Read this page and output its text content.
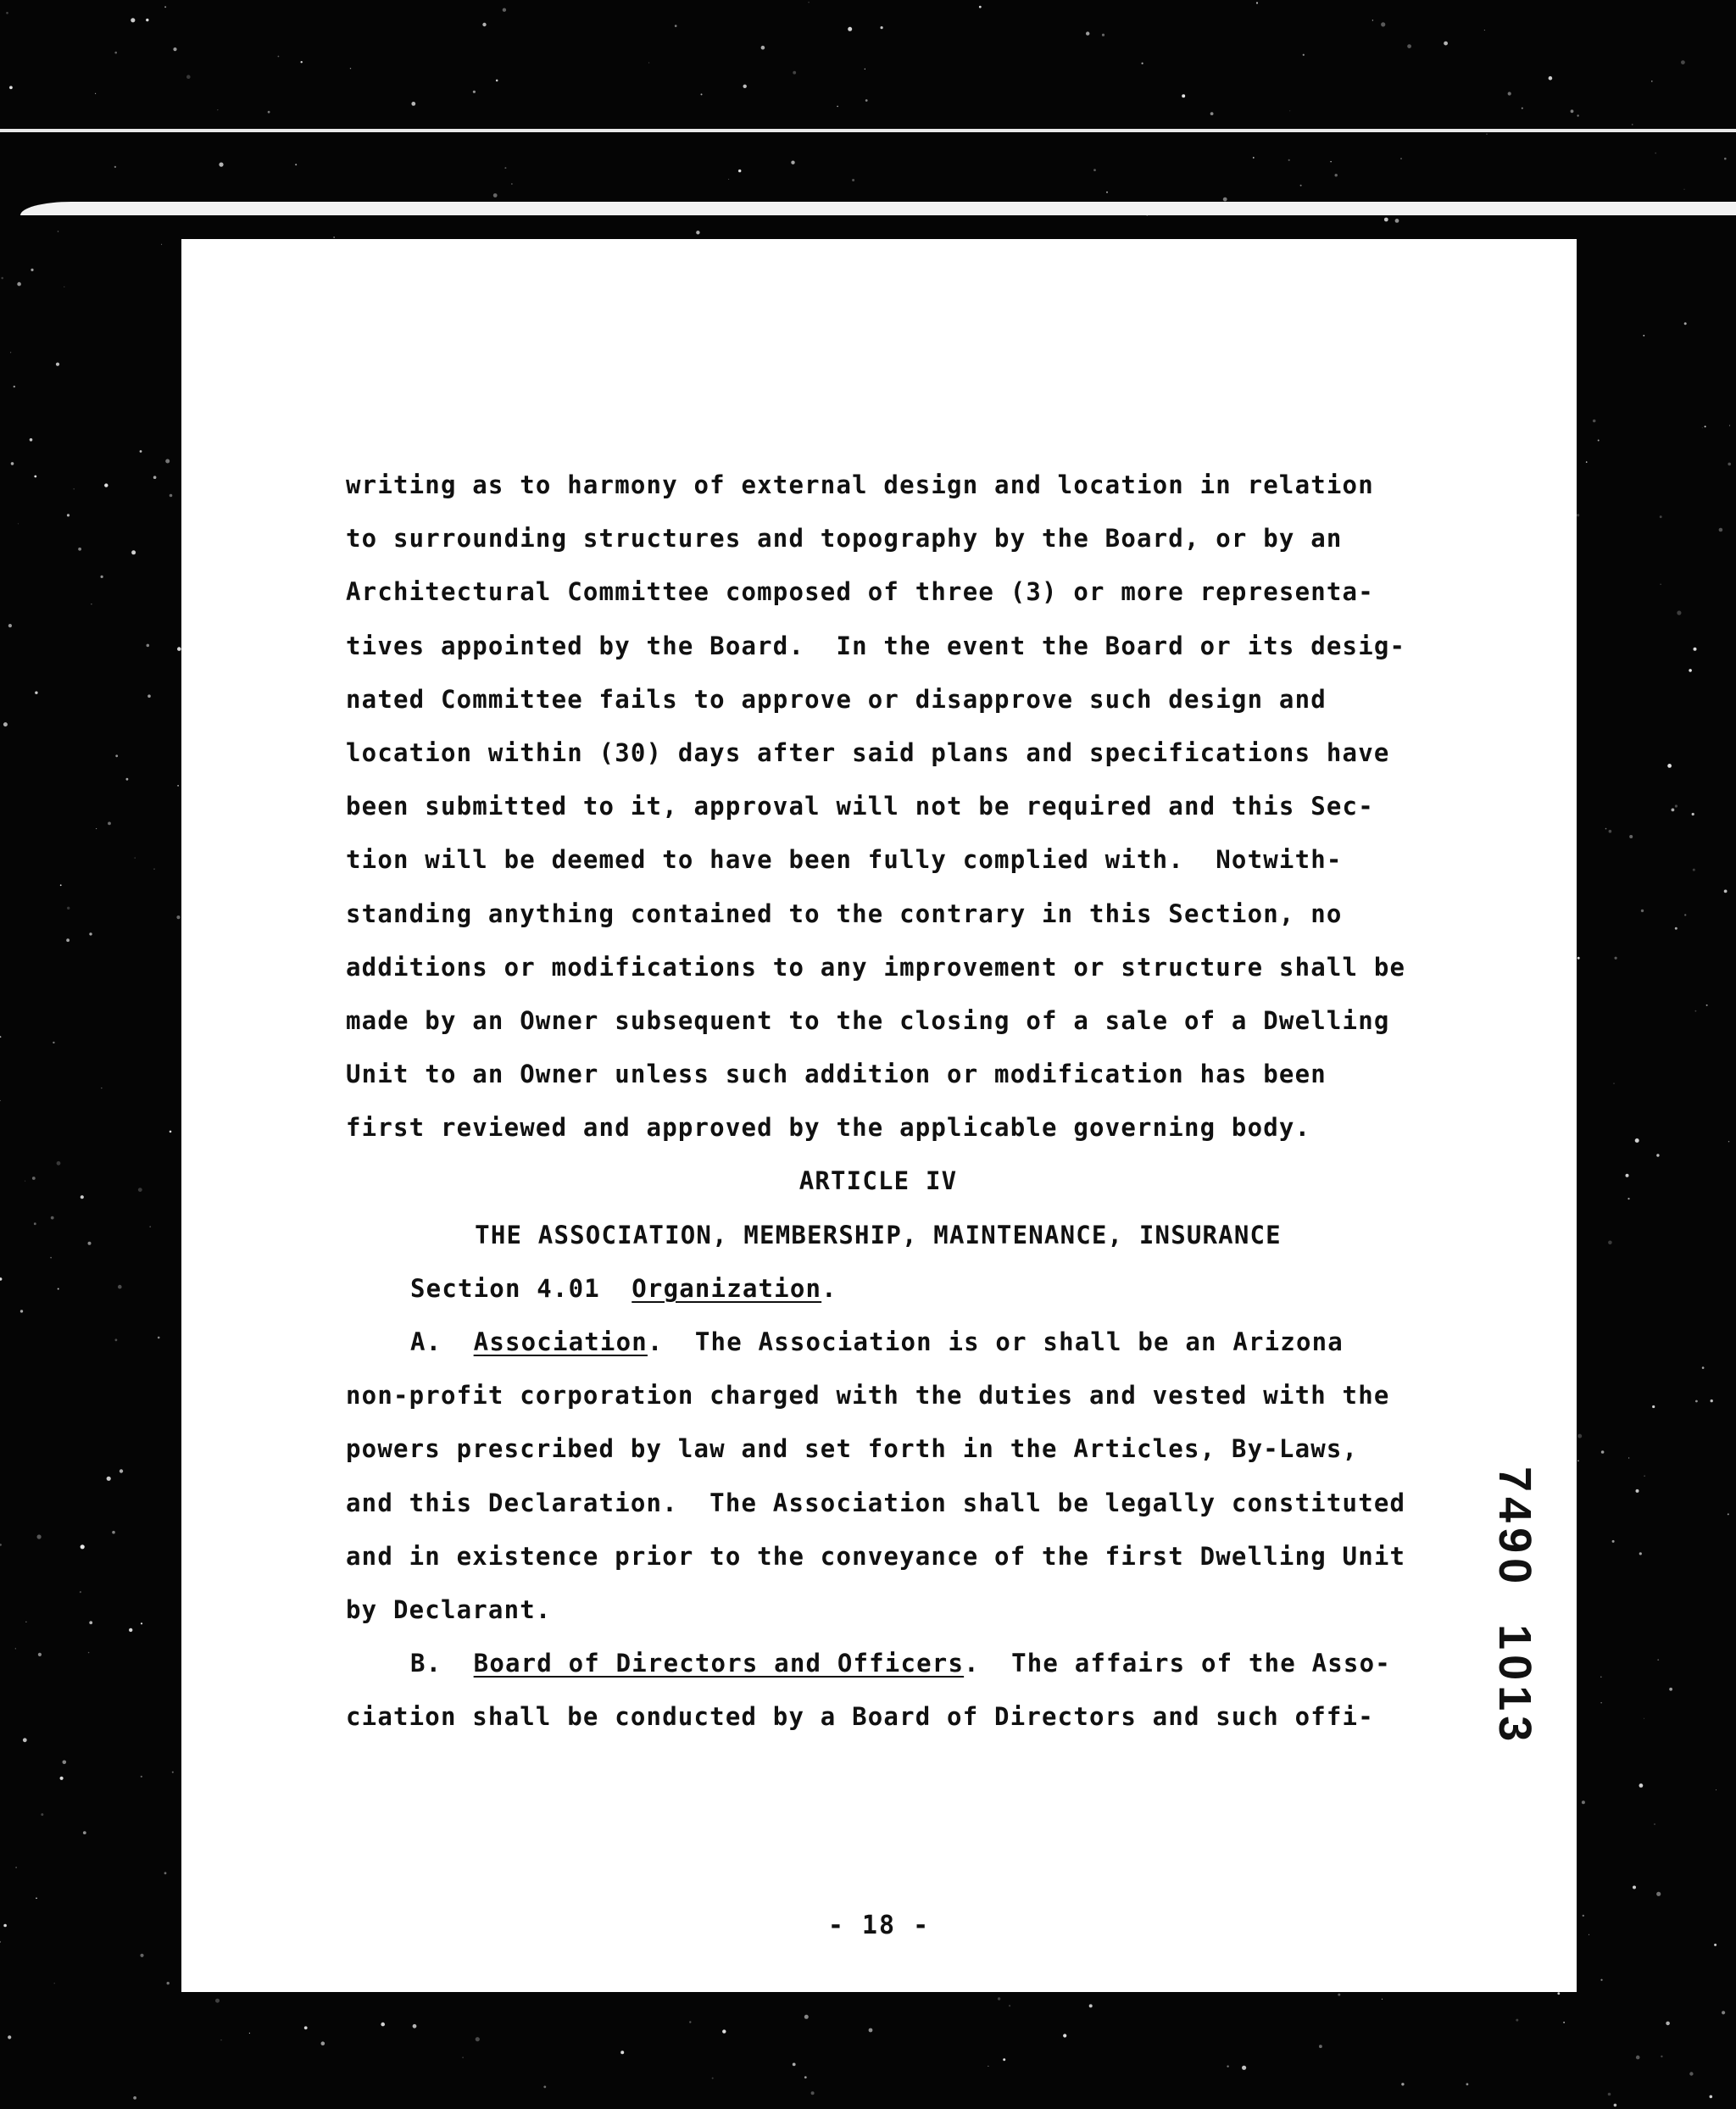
writing as to harmony of external design and location in relation
to surrounding structures and topography by the Board, or by an
Architectural Committee composed of three (3) or more representa-
tives appointed by the Board.  In the event the Board or its desig-
nated Committee fails to approve or disapprove such design and
location within (30) days after said plans and specifications have
been submitted to it, approval will not be required and this Sec-
tion will be deemed to have been fully complied with.  Notwith-
standing anything contained to the contrary in this Section, no
additions or modifications to any improvement or structure shall be
made by an Owner subsequent to the closing of a sale of a Dwelling
Unit to an Owner unless such addition or modification has been
first reviewed and approved by the applicable governing body.
ARTICLE IV
THE ASSOCIATION, MEMBERSHIP, MAINTENANCE, INSURANCE
Section 4.01 Organization.
A. Association.  The Association is or shall be an Arizona
non-profit corporation charged with the duties and vested with the
powers prescribed by law and set forth in the Articles, By-Laws,
and this Declaration.  The Association shall be legally constituted
and in existence prior to the conveyance of the first Dwelling Unit
by Declarant.
B. Board of Directors and Officers.  The affairs of the Asso-
ciation shall be conducted by a Board of Directors and such offi-
- 18 -
7490  1013
